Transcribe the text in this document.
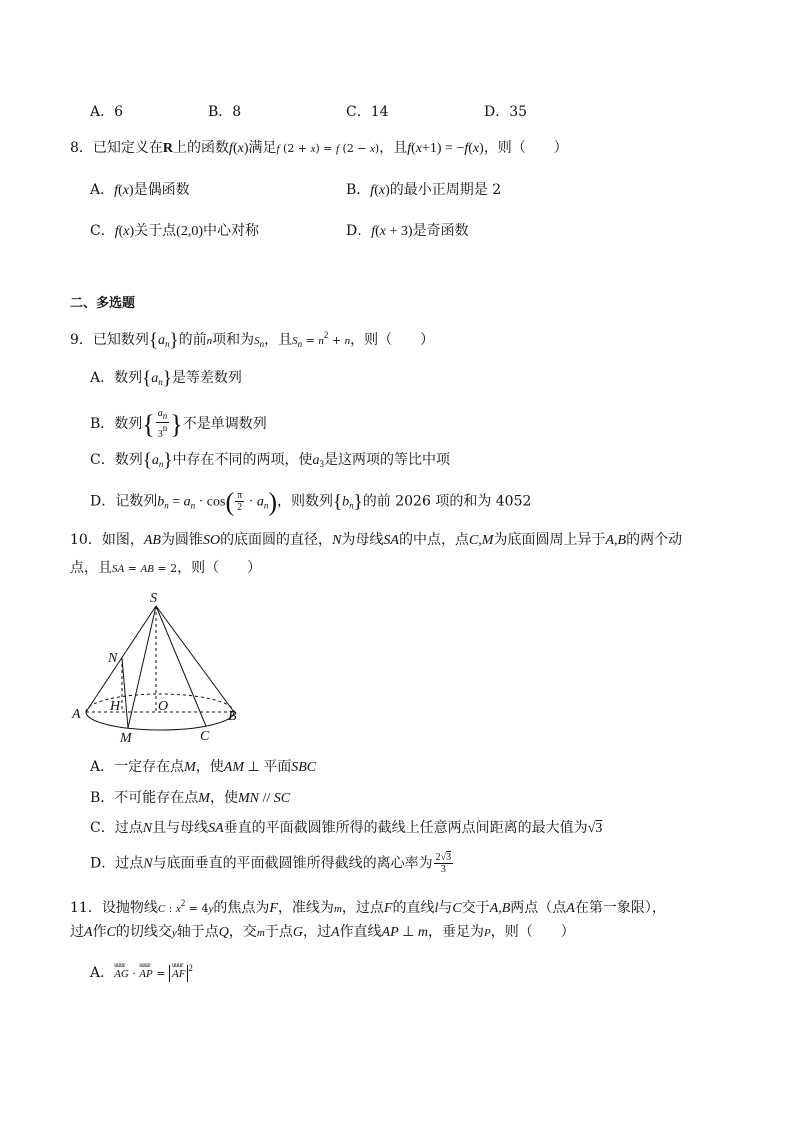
A．6	B．8	C．14	D．35
8．已知定义在R上的函数f(x)满足f (2 + x) = f (2 − x)，且f(x+1) = −f(x)，则（　　）
A．f(x)是偶函数	B．f(x)的最小正周期是 2
C．f(x)关于点(2,0)中心对称	D．f(x + 3)是奇函数
二、多选题
9．已知数列$\{a_n\}$的前n项和为$S_n$，且$S_n = n^2 + n$，则（　　）
A．数列$\{a_n\}$是等差数列
B．数列{ $\frac{an}{3n}$ }不是单调数列
C．数列$\{a_n\}$中存在不同的两项，使$a_3$是这两项的等比中项
D．记数列$b_n = a_n \cdot \cos( \frac{\pi}{2} \cdot a_n)$，则数列$\{b_n\}$的前 2026 项的和为 4052
10．如图，AB为圆锥SO的底面圆的直径，N为母线SA的中点，点C,M为底面圆周上异于A,B的两个动
点，且SA = AB = 2，则（　　）
S
N
A
H	O
B
M	C
A．一定存在点M，使AM ⊥ 平面SBC
B．不可能存在点M，使MN // SC
C．过点N且与母线SA垂直的平面截圆锥所得的截线上任意两点间距离的最大值为√3
D．过点N与底面垂直的平面截圆锥所得截线的离心率为 $\frac{2√3}{3}$
11．设抛物线C : $x^2 = 4y$的焦点为F，准线为m，过点F的直线l与C交于A,B两点（点A在第一象限），
过A作C的切线交y轴于点Q，交m于点G，过A作直线AP ⊥ m，垂足为P，则（　　）
A．uuur AG · uuur AP = uuur AF $^2$
